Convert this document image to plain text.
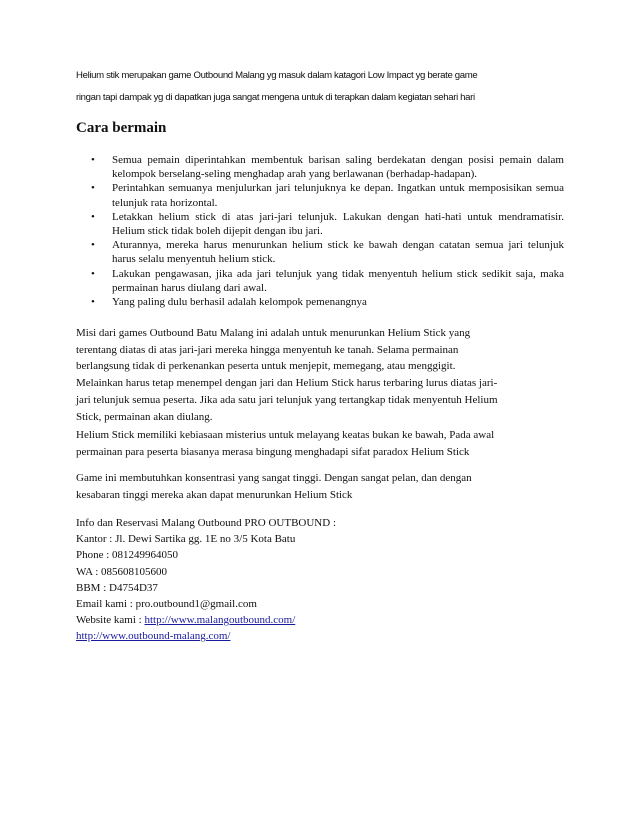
Helium stik merupakan game Outbound Malang yg masuk dalam katagori Low Impact yg berate game
ringan tapi dampak yg di dapatkan juga sangat mengena untuk di terapkan dalam kegiatan sehari hari
Cara bermain
• Semua pemain diperintahkan membentuk barisan saling berdekatan dengan posisi pemain dalam kelompok berselang-seling menghadap arah yang berlawanan (berhadap-hadapan).
• Perintahkan semuanya menjulurkan jari telunjuknya ke depan. Ingatkan untuk memposisikan semua telunjuk rata horizontal.
• Letakkan helium stick di atas jari-jari telunjuk. Lakukan dengan hati-hati untuk mendramatisir. Helium stick tidak boleh dijepit dengan ibu jari.
• Aturannya, mereka harus menurunkan helium stick ke bawah dengan catatan semua jari telunjuk harus selalu menyentuh helium stick.
• Lakukan pengawasan, jika ada jari telunjuk yang tidak menyentuh helium stick sedikit saja, maka permainan harus diulang dari awal.
• Yang paling dulu berhasil adalah kelompok pemenangnya
Misi dari games Outbound Batu Malang ini adalah untuk menurunkan Helium Stick yang
terentang diatas di atas jari-jari mereka hingga menyentuh ke tanah. Selama permainan
berlangsung tidak di perkenankan peserta untuk menjepit, memegang, atau menggigit.
Melainkan harus tetap menempel dengan jari dan Helium Stick harus terbaring lurus diatas jari-
jari telunjuk semua peserta. Jika ada satu jari telunjuk yang tertangkap tidak menyentuh Helium
Stick, permainan akan diulang.
Helium Stick memiliki kebiasaan misterius untuk melayang keatas bukan ke bawah, Pada awal
permainan para peserta biasanya merasa bingung menghadapi sifat paradox Helium Stick
Game ini membutuhkan konsentrasi yang sangat tinggi. Dengan sangat pelan, dan dengan
kesabaran tinggi mereka akan dapat menurunkan Helium Stick
Info dan Reservasi Malang Outbound PRO OUTBOUND :
Kantor : Jl. Dewi Sartika gg. 1E no 3/5 Kota Batu
Phone : 081249964050
WA : 085608105600
BBM : D4754D37
Email kami : pro.outbound1@gmail.com
Website kami : http://www.malangoutbound.com/
http://www.outbound-malang.com/
